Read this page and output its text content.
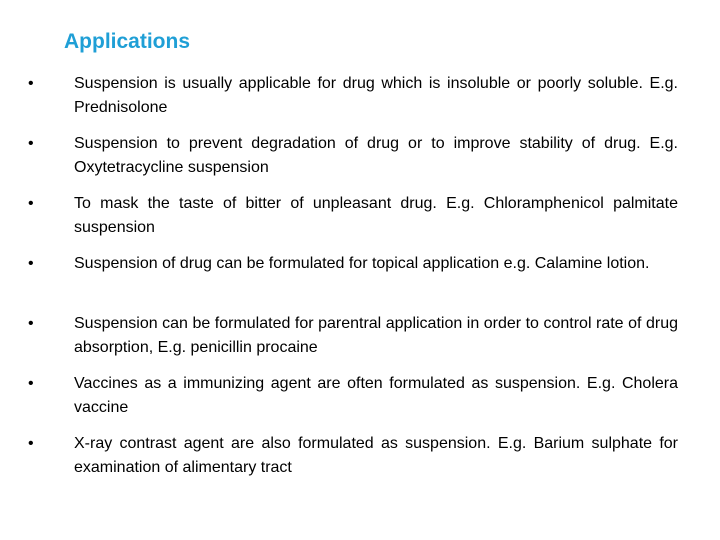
Applications
•	Suspension is usually applicable for drug which is insoluble or poorly soluble. E.g. Prednisolone
•	Suspension to prevent degradation of drug or to improve stability of drug. E.g. Oxytetracycline suspension
•	To mask the taste of bitter of unpleasant drug. E.g. Chloramphenicol palmitate suspension
•	Suspension of drug can be formulated for topical application e.g. Calamine lotion.
•	Suspension can be formulated for parentral application in order to control rate of drug absorption, E.g. penicillin procaine
•	Vaccines as a immunizing agent are often formulated as suspension. E.g. Cholera vaccine
•	X-ray contrast agent are also formulated as suspension. E.g. Barium sulphate for examination of alimentary tract
